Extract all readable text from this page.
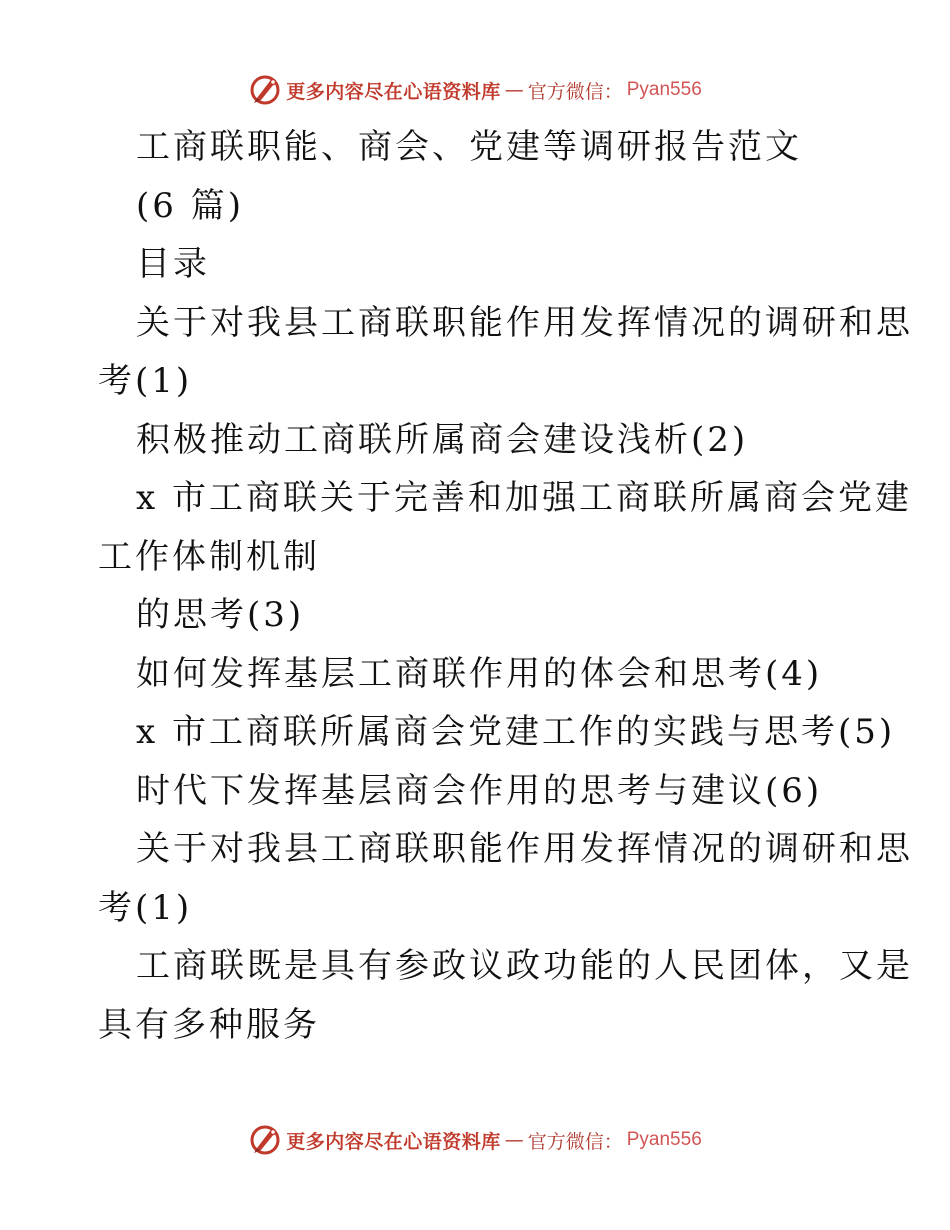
更多内容尽在心语资料库 — 官方微信： Pyan556
工商联职能、商会、党建等调研报告范文
(6 篇)
目录
关于对我县工商联职能作用发挥情况的调研和思
考(1)
积极推动工商联所属商会建设浅析(2)
x 市工商联关于完善和加强工商联所属商会党建
工作体制机制
的思考(3)
如何发挥基层工商联作用的体会和思考(4)
x 市工商联所属商会党建工作的实践与思考(5)
时代下发挥基层商会作用的思考与建议(6)
关于对我县工商联职能作用发挥情况的调研和思
考(1)
工商联既是具有参政议政功能的人民团体，又是
具有多种服务
更多内容尽在心语资料库 — 官方微信： Pyan556
